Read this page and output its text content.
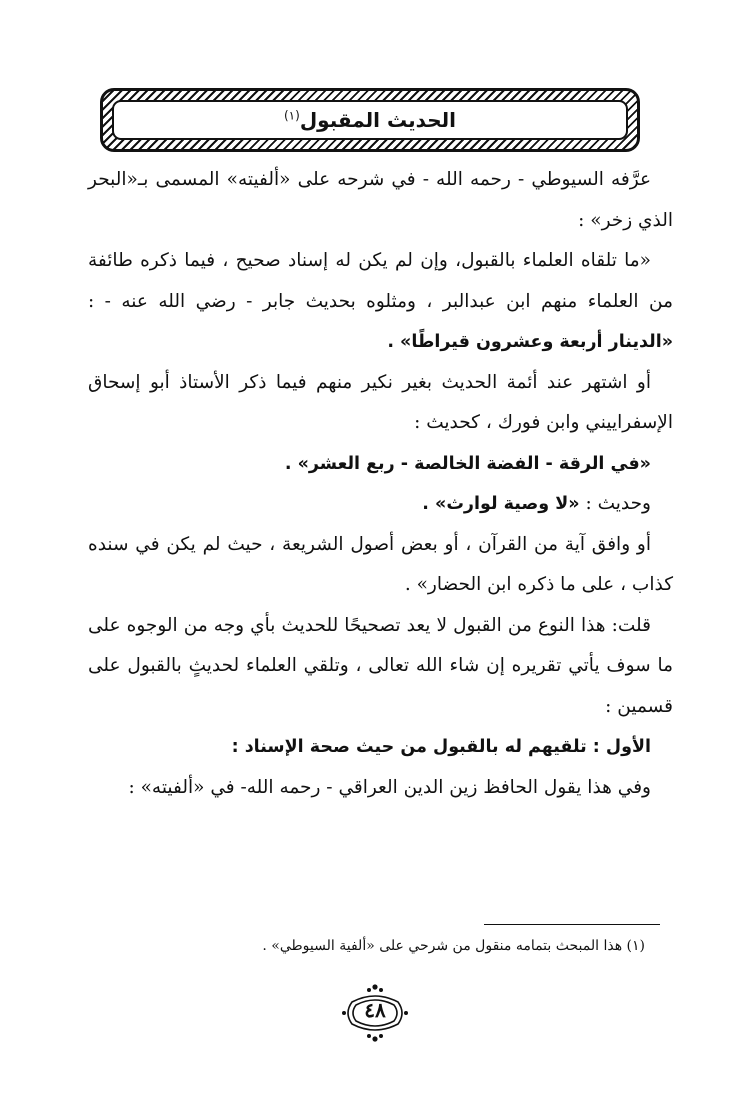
الحديث المقبول$^{(١)}$

عرَّفه السيوطي - رحمه الله - في شرحه على «ألفيته» المسمى بـ«البحر الذي زخر» :

«ما تلقاه العلماء بالقبول، وإن لم يكن له إسناد صحيح ، فيما ذكره طائفة من العلماء منهم ابن عبدالبر ، ومثلوه بحديث جابر - رضي الله عنه - : «الدينار أربعة وعشرون قيراطًا» .

أو اشتهر عند أئمة الحديث بغير نكير منهم فيما ذكر الأستاذ أبو إسحاق الإسفراييني وابن فورك ، كحديث :

«في الرقة - الفضة الخالصة - ربع العشر» .

وحديث : «لا وصية لوارث» .

أو وافق آية من القرآن ، أو بعض أصول الشريعة ، حيث لم يكن في سنده كذاب ، على ما ذكره ابن الحضار» .

قلت: هذا النوع من القبول لا يعد تصحيحًا للحديث بأي وجه من الوجوه على ما سوف يأتي تقريره إن شاء الله تعالى ، وتلقي العلماء لحديثٍ بالقبول على قسمين :

الأول : تلقيهم له بالقبول من حيث صحة الإسناد :

وفي هذا يقول الحافظ زين الدين العراقي - رحمه الله- في «ألفيته» :

(١) هذا المبحث بتمامه منقول من شرحي على «ألفية السيوطي» .
٤٨
